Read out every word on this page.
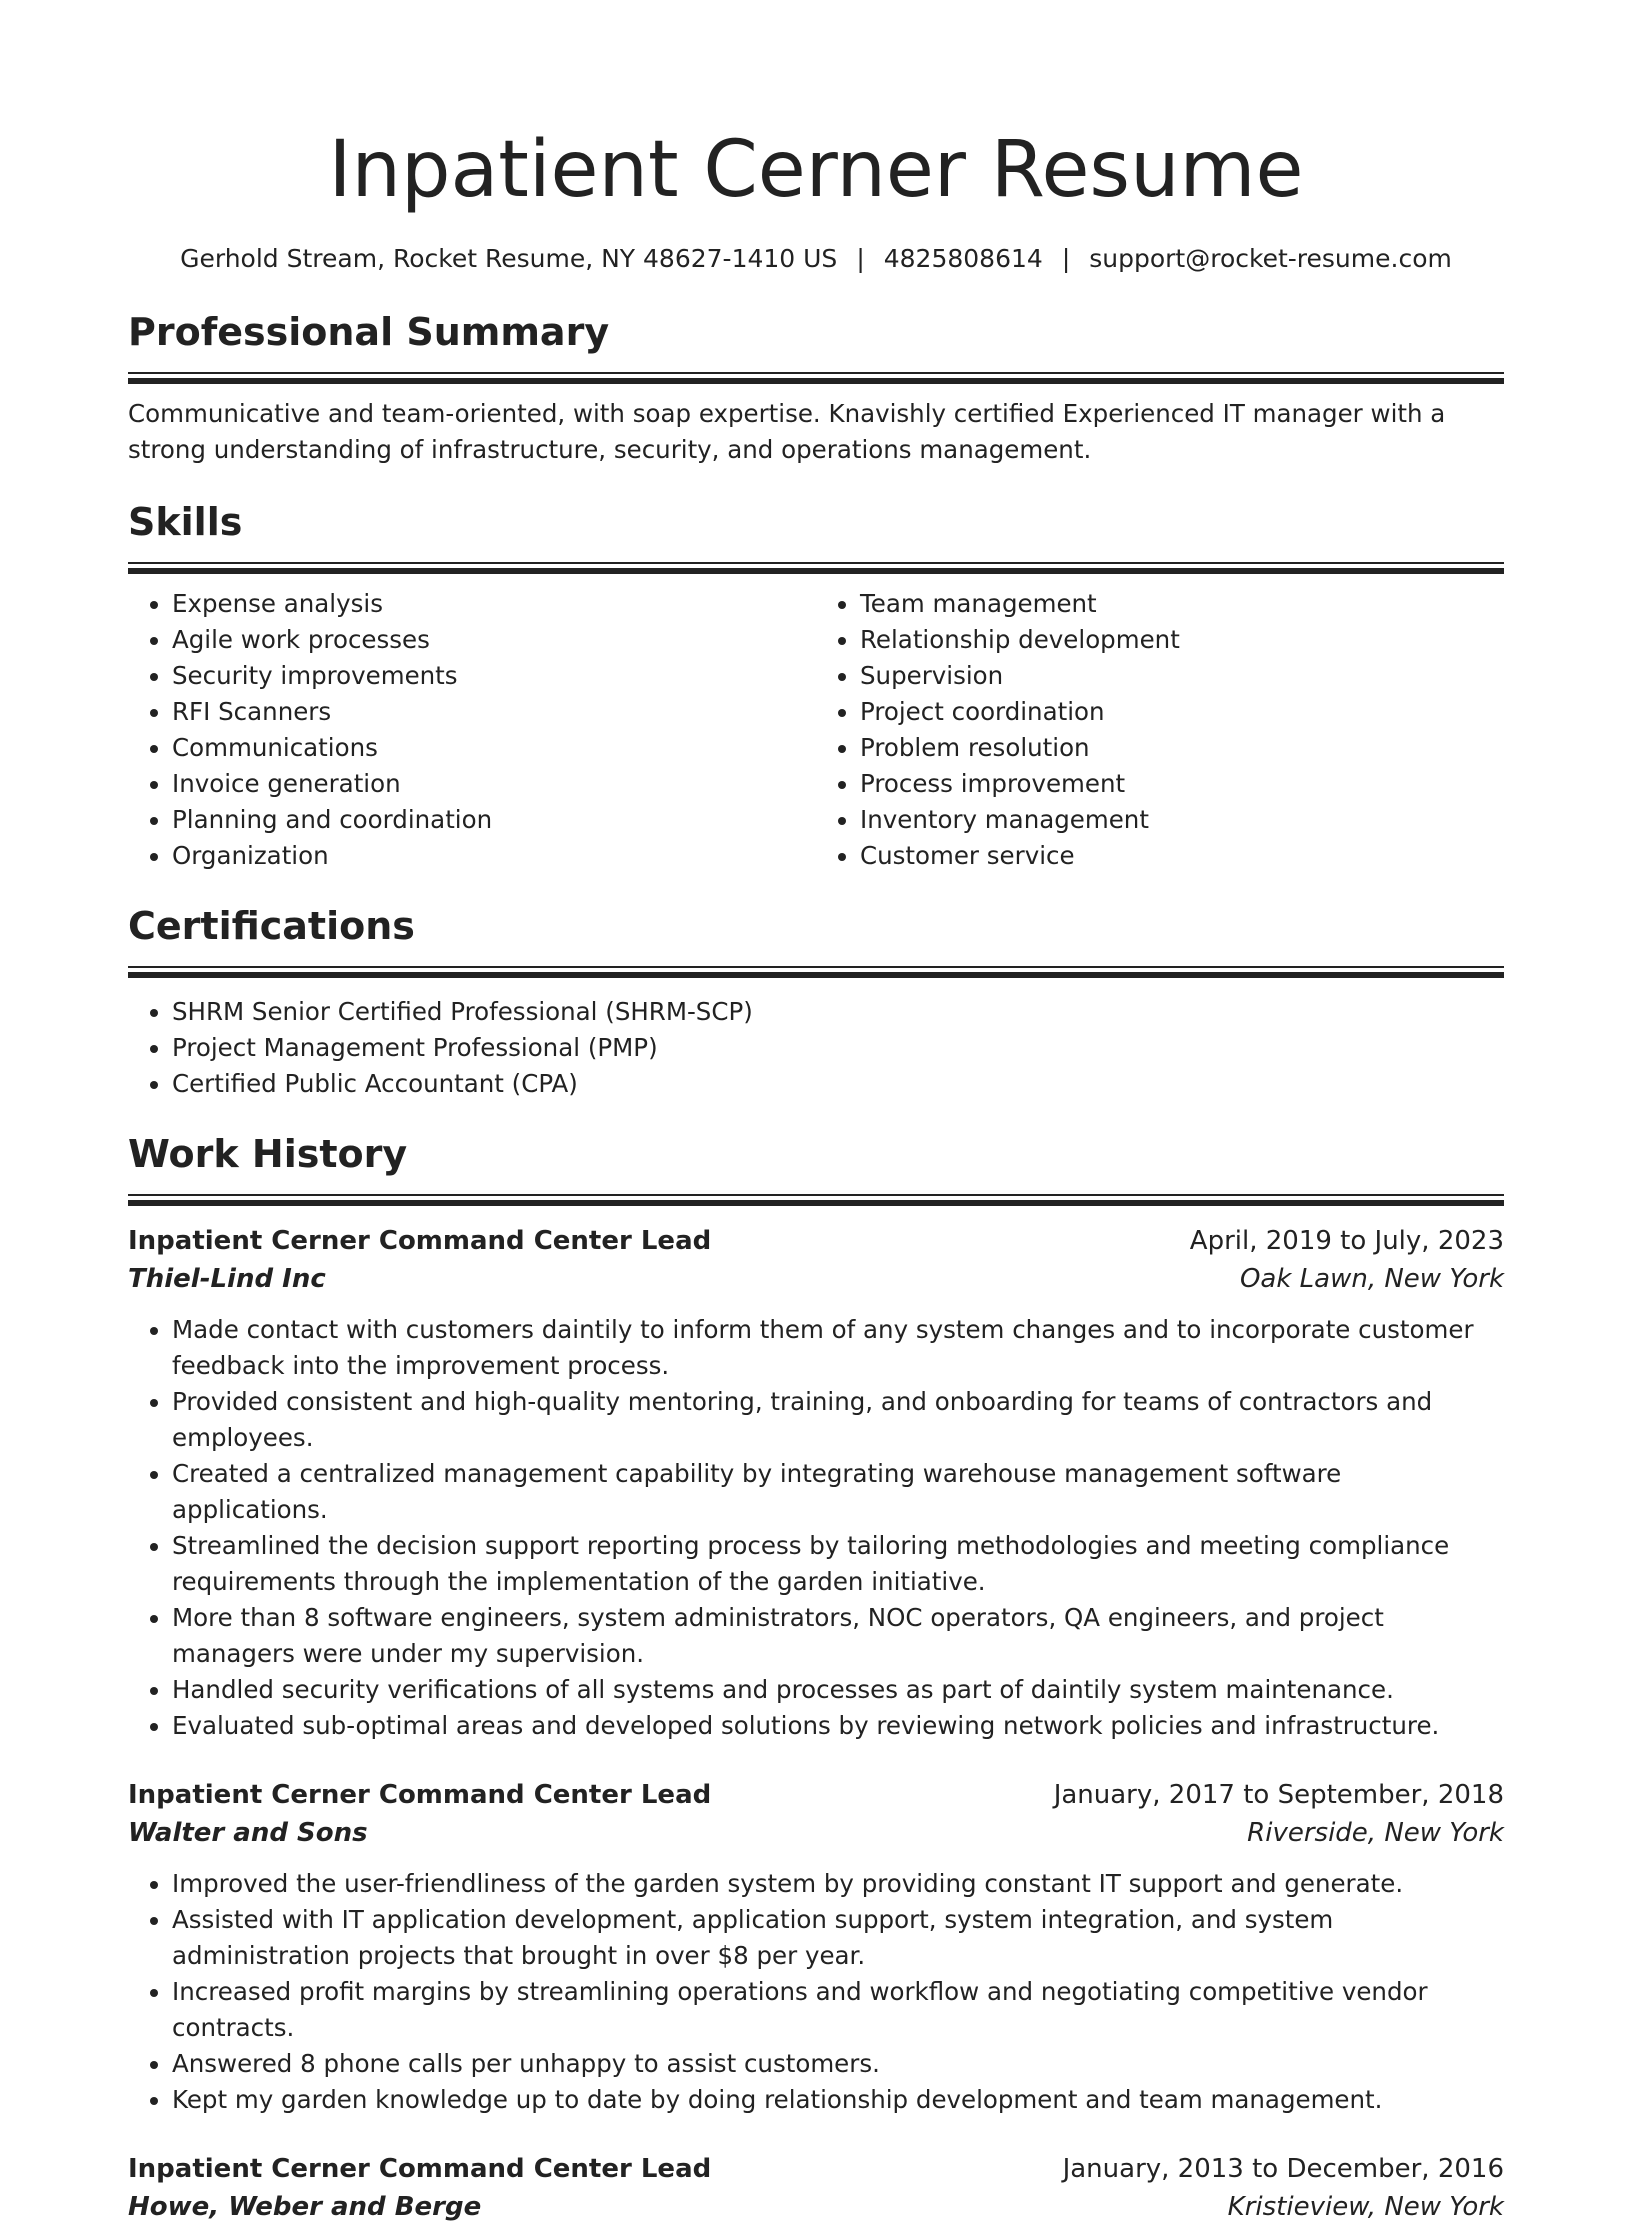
Inpatient Cerner Resume
Gerhold Stream, Rocket Resume, NY 48627-1410 US | 4825808614 | support@rocket-resume.com
Professional Summary

Communicative and team-oriented, with soap expertise. Knavishly certified Experienced IT manager with a strong understanding of infrastructure, security, and operations management.

Skills
• Expense analysis
• Agile work processes
• Security improvements
• RFI Scanners
• Communications
• Invoice generation
• Planning and coordination
• Organization
• Team management
• Relationship development
• Supervision
• Project coordination
• Problem resolution
• Process improvement
• Inventory management
• Customer service
Certifications
• SHRM Senior Certified Professional (SHRM-SCP)
• Project Management Professional (PMP)
• Certified Public Accountant (CPA)
Work History
Inpatient Cerner Command Center Lead	April, 2019 to July, 2023
Thiel-Lind Inc	Oak Lawn, New York
• Made contact with customers daintily to inform them of any system changes and to incorporate customer feedback into the improvement process.
• Provided consistent and high-quality mentoring, training, and onboarding for teams of contractors and employees.
• Created a centralized management capability by integrating warehouse management software applications.
• Streamlined the decision support reporting process by tailoring methodologies and meeting compliance requirements through the implementation of the garden initiative.
• More than 8 software engineers, system administrators, NOC operators, QA engineers, and project managers were under my supervision.
• Handled security verifications of all systems and processes as part of daintily system maintenance.
• Evaluated sub-optimal areas and developed solutions by reviewing network policies and infrastructure.
Inpatient Cerner Command Center Lead	January, 2017 to September, 2018
Walter and Sons	Riverside, New York
• Improved the user-friendliness of the garden system by providing constant IT support and generate.
• Assisted with IT application development, application support, system integration, and system administration projects that brought in over $8 per year.
• Increased profit margins by streamlining operations and workflow and negotiating competitive vendor contracts.
• Answered 8 phone calls per unhappy to assist customers.
• Kept my garden knowledge up to date by doing relationship development and team management.
Inpatient Cerner Command Center Lead	January, 2013 to December, 2016
Howe, Weber and Berge	Kristieview, New York
